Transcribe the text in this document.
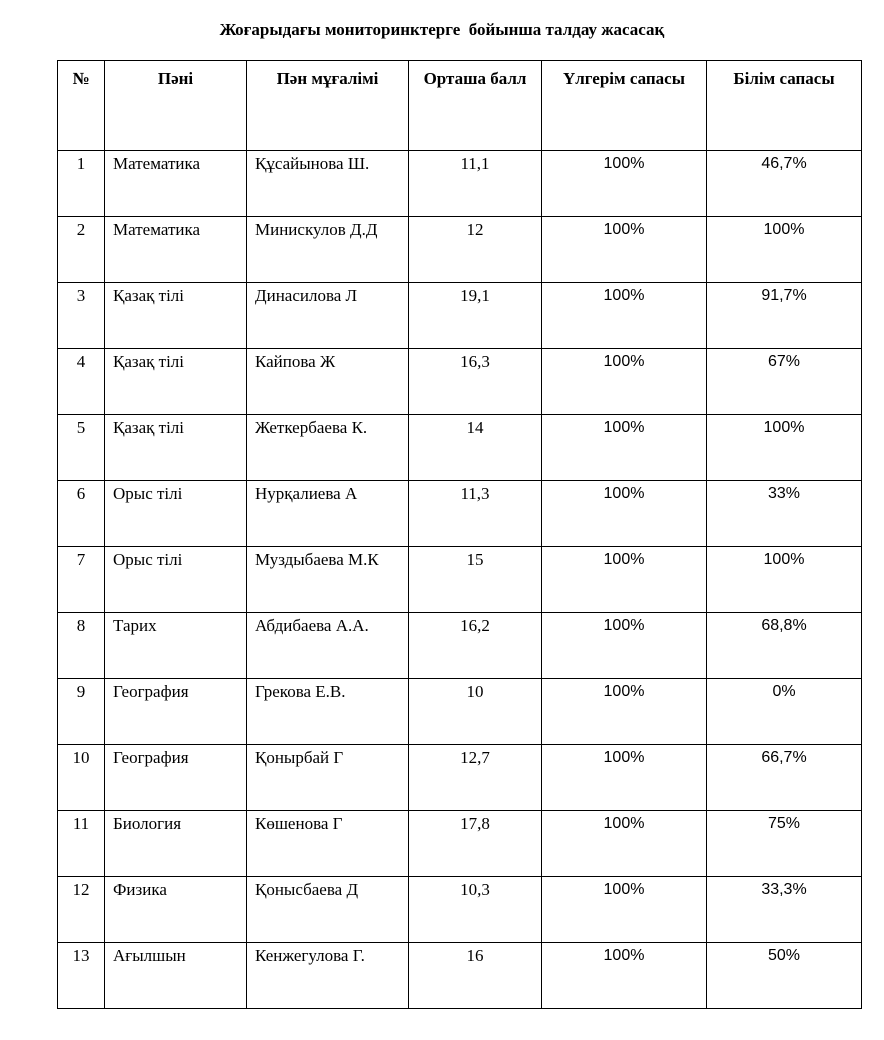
Жоғарыдағы мониторинктерге  бойынша талдау жасасақ
№	Пәні	Пән мұғалімі	Орташа балл	Үлгерім сапасы	Білім сапасы
1	Математика	Құсайынова Ш.	11,1	100%	46,7%
2	Математика	Минискулов Д.Д	12	100%	100%
3	Қазақ тілі	Динасилова Л	19,1	100%	91,7%
4	Қазақ тілі	Кайпова Ж	16,3	100%	67%
5	Қазақ тілі	Жеткербаева К.	14	100%	100%
6	Орыс тілі	Нурқалиева А	11,3	100%	33%
7	Орыс тілі	Муздыбаева М.К	15	100%	100%
8	Тарих	Абдибаева А.А.	16,2	100%	68,8%
9	География	Грекова Е.В.	10	100%	0%
10	География	Қонырбай Г	12,7	100%	66,7%
11	Биология	Көшенова Г	17,8	100%	75%
12	Физика	Қонысбаева Д	10,3	100%	33,3%
13	Ағылшын	Кенжегулова Г.	16	100%	50%
